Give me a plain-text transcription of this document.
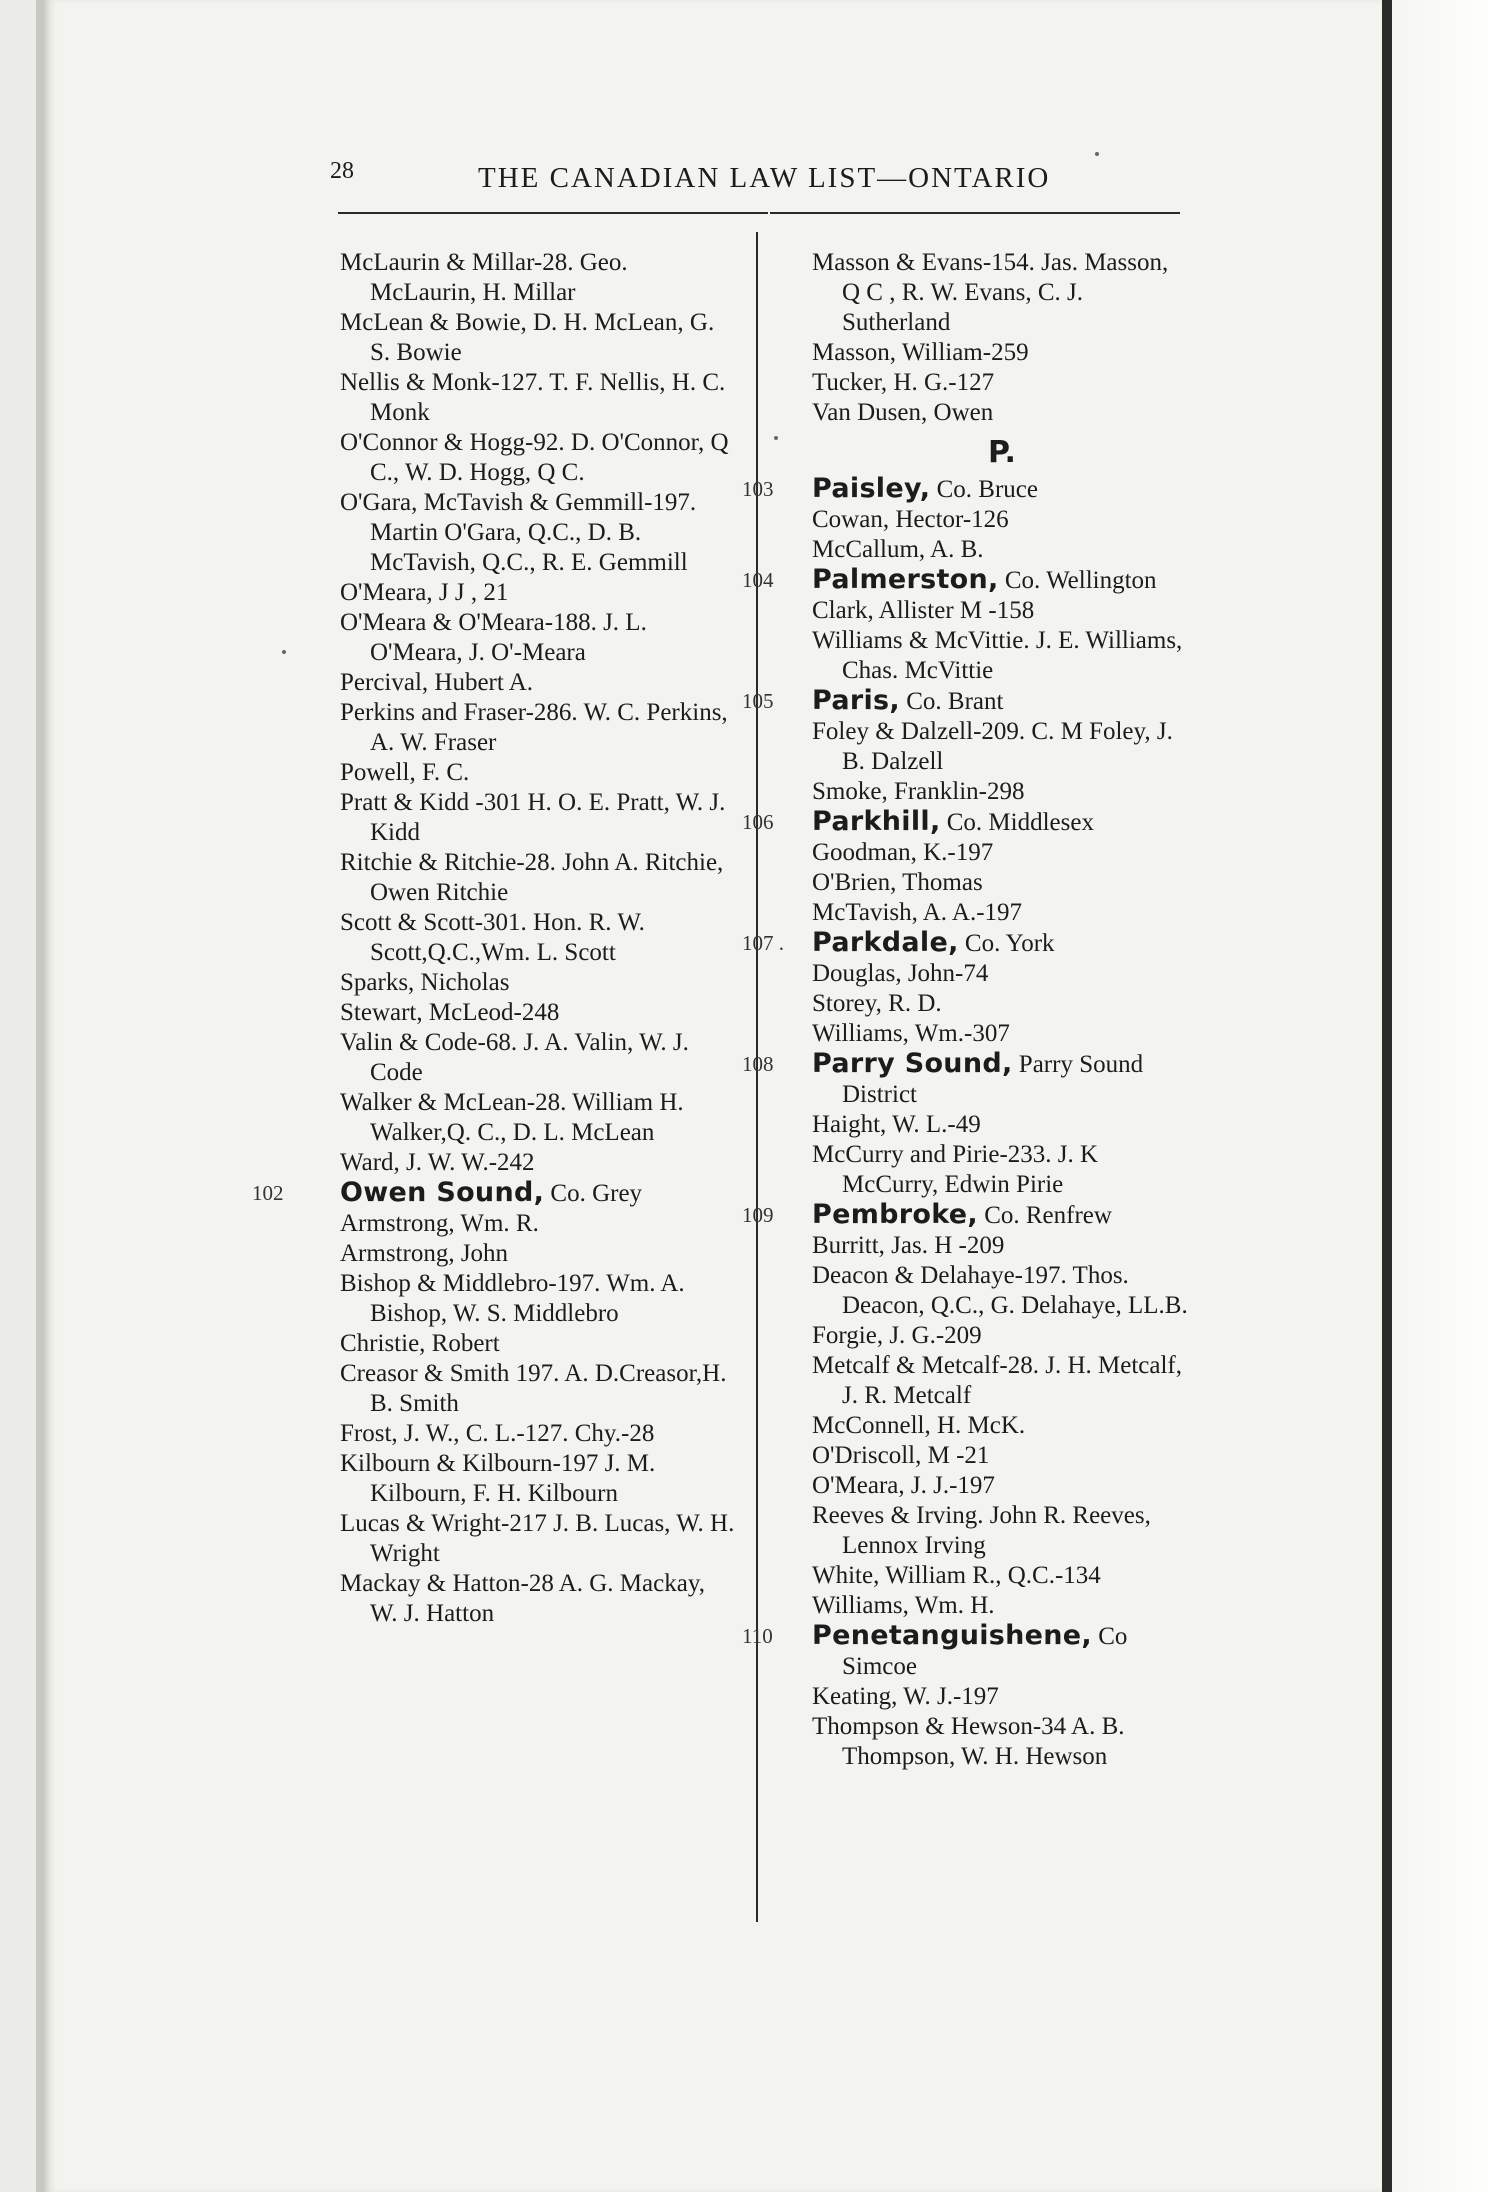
28	THE CANADIAN LAW LIST—ONTARIO
McLaurin & Millar-28. Geo. McLaurin, H. Millar
McLean & Bowie, D. H. McLean, G. S. Bowie
Nellis & Monk-127. T. F. Nellis, H. C. Monk
O'Connor & Hogg-92. D. O'Connor, Q C., W. D. Hogg, Q C.
O'Gara, McTavish & Gemmill-197. Martin O'Gara, Q.C., D. B. McTavish, Q.C., R. E. Gemmill
O'Meara, J J , 21
O'Meara & O'Meara-188. J. L. O'Meara, J. O'-Meara
Percival, Hubert A.
Perkins and Fraser-286. W. C. Perkins, A. W. Fraser
Powell, F. C.
Pratt & Kidd -301 H. O. E. Pratt, W. J. Kidd
Ritchie & Ritchie-28. John A. Ritchie, Owen Ritchie
Scott & Scott-301. Hon. R. W. Scott,Q.C.,Wm. L. Scott
Sparks, Nicholas
Stewart, McLeod-248
Valin & Code-68. J. A. Valin, W. J. Code
Walker & McLean-28. William H. Walker,Q. C., D. L. McLean
Ward, J. W. W.-242
102 Owen Sound, Co. Grey
Armstrong, Wm. R.
Armstrong, John
Bishop & Middlebro-197. Wm. A. Bishop, W. S. Middlebro
Christie, Robert
Creasor & Smith 197. A. D.Creasor,H. B. Smith
Frost, J. W., C. L.-127. Chy.-28
Kilbourn & Kilbourn-197 J. M. Kilbourn, F. H. Kilbourn
Lucas & Wright-217 J. B. Lucas, W. H. Wright
Mackay & Hatton-28 A. G. Mackay, W. J. Hatton
Masson & Evans-154. Jas. Masson, Q C , R. W. Evans, C. J. Sutherland
Masson, William-259
Tucker, H. G.-127
Van Dusen, Owen
P.
103 Paisley, Co. Bruce
Cowan, Hector-126
McCallum, A. B.
104 Palmerston, Co. Wellington
Clark, Allister M -158
Williams & McVittie. J. E. Williams, Chas. McVittie
105 Paris, Co. Brant
Foley & Dalzell-209. C. M Foley, J. B. Dalzell
Smoke, Franklin-298
106 Parkhill, Co. Middlesex
Goodman, K.-197
O'Brien, Thomas
McTavish, A. A.-197
107 . Parkdale, Co. York
Douglas, John-74
Storey, R. D.
Williams, Wm.-307
108 Parry Sound, Parry Sound District
Haight, W. L.-49
McCurry and Pirie-233. J. K McCurry, Edwin Pirie
109 Pembroke, Co. Renfrew
Burritt, Jas. H -209
Deacon & Delahaye-197. Thos. Deacon, Q.C., G. Delahaye, LL.B.
Forgie, J. G.-209
Metcalf & Metcalf-28. J. H. Metcalf, J. R. Metcalf
McConnell, H. McK.
O'Driscoll, M -21
O'Meara, J. J.-197
Reeves & Irving. John R. Reeves, Lennox Irving
White, William R., Q.C.-134
Williams, Wm. H.
110 Penetanguishene, Co Simcoe
Keating, W. J.-197
Thompson & Hewson-34 A. B. Thompson, W. H. Hewson
